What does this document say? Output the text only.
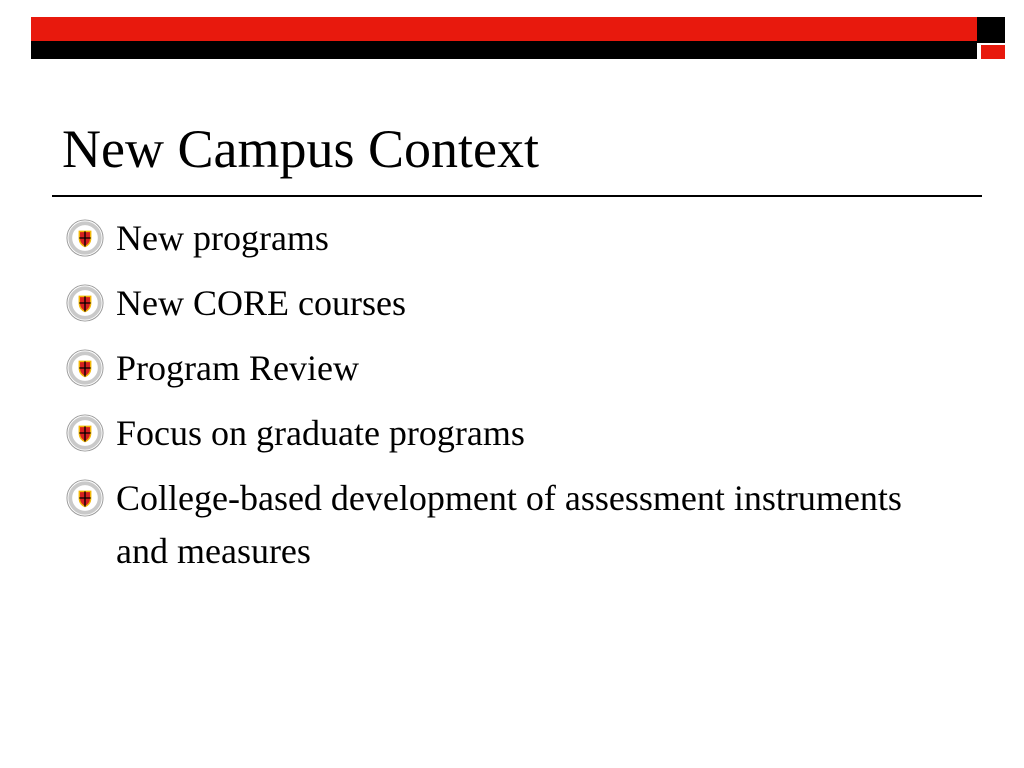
New Campus Context
New programs
New CORE courses
Program Review
Focus on graduate programs
College-based development of assessment instruments and measures
